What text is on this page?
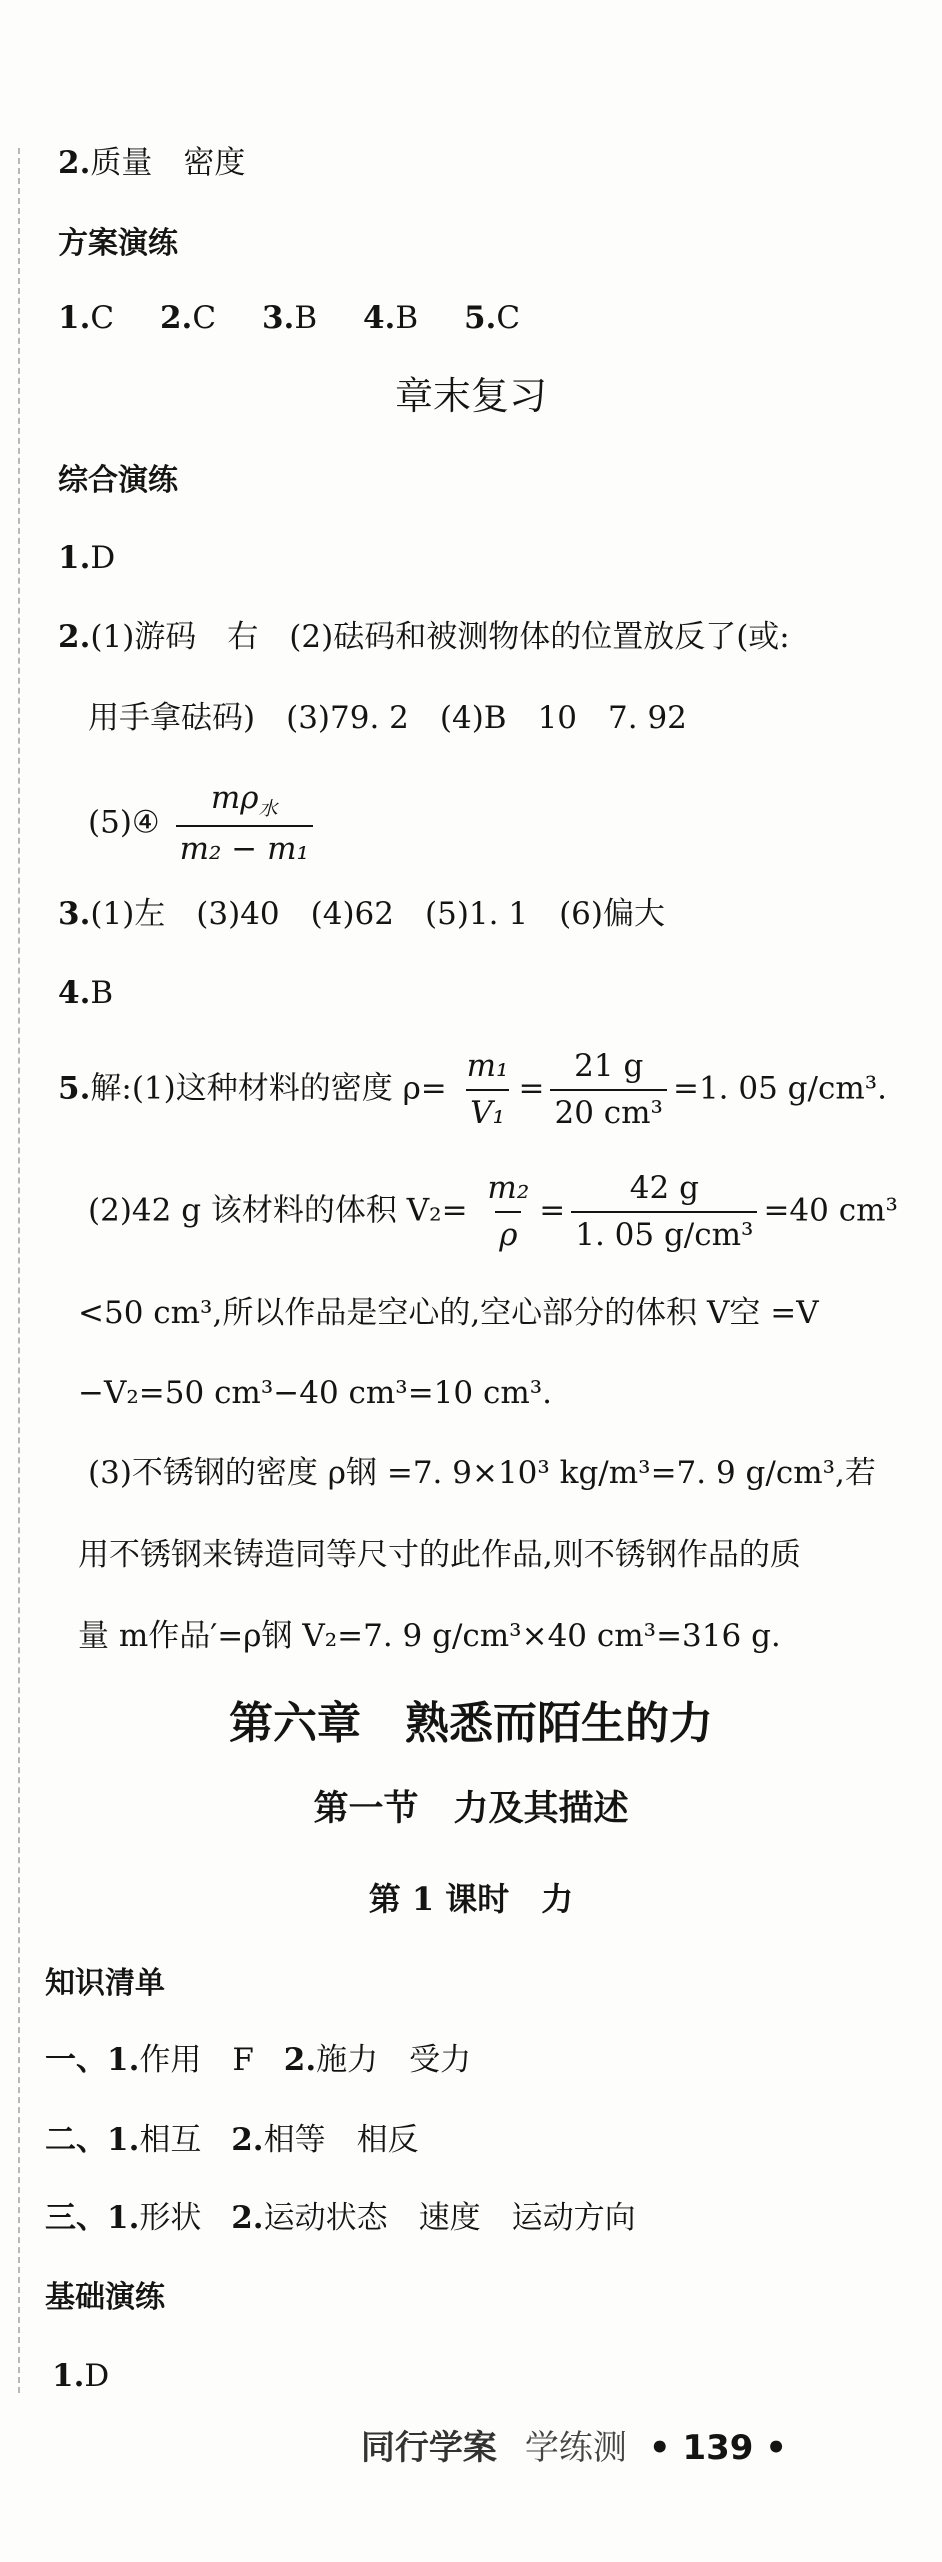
2.质量　密度
方案演练
1.C 2.C 3.B 4.B 5.C
章末复习
综合演练
1.D
2.(1)游码　右　(2)砝码和被测物体的位置放反了(或:
用手拿砝码)　(3)79. 2　(4)B　10　7. 92
(5)④ $\frac{m\rho_水}{\text{m₂ − m₁}}$
3.(1)左　(3)40　(4)62　(5)1. 1　(6)偏大
4.B
5.解:(1)这种材料的密度 $\rho= \frac{\text{m₁}}{\text{V₁}} = \frac{21 g}{\text{20 cm³}} =1$. 05 g/cm³.
(2)42 g 该材料的体积 $V_2= \frac{\text{m₂}}{\rho} = \frac{42 g}{\text{1. 05 g/cm³}} =40$ cm³
<50 cm³,所以作品是空心的,空心部分的体积 V空 =V
−V₂=50 cm³−40 cm³=10 cm³.
(3)不锈钢的密度 ρ钢 =7. 9×10³ kg/m³=7. 9 g/cm³,若
用不锈钢来铸造同等尺寸的此作品,则不锈钢作品的质
量 m作品′=ρ钢 V₂=7. 9 g/cm³×40 cm³=316 g.
第六章　熟悉而陌生的力
第一节　力及其描述
第 1 课时　力
知识清单
一、1.作用　F 2.施力　受力
二、1.相互 2.相等　相反
三、1.形状 2.运动状态　速度　运动方向
基础演练
1.D
同行学案 学练测 • 139 •
